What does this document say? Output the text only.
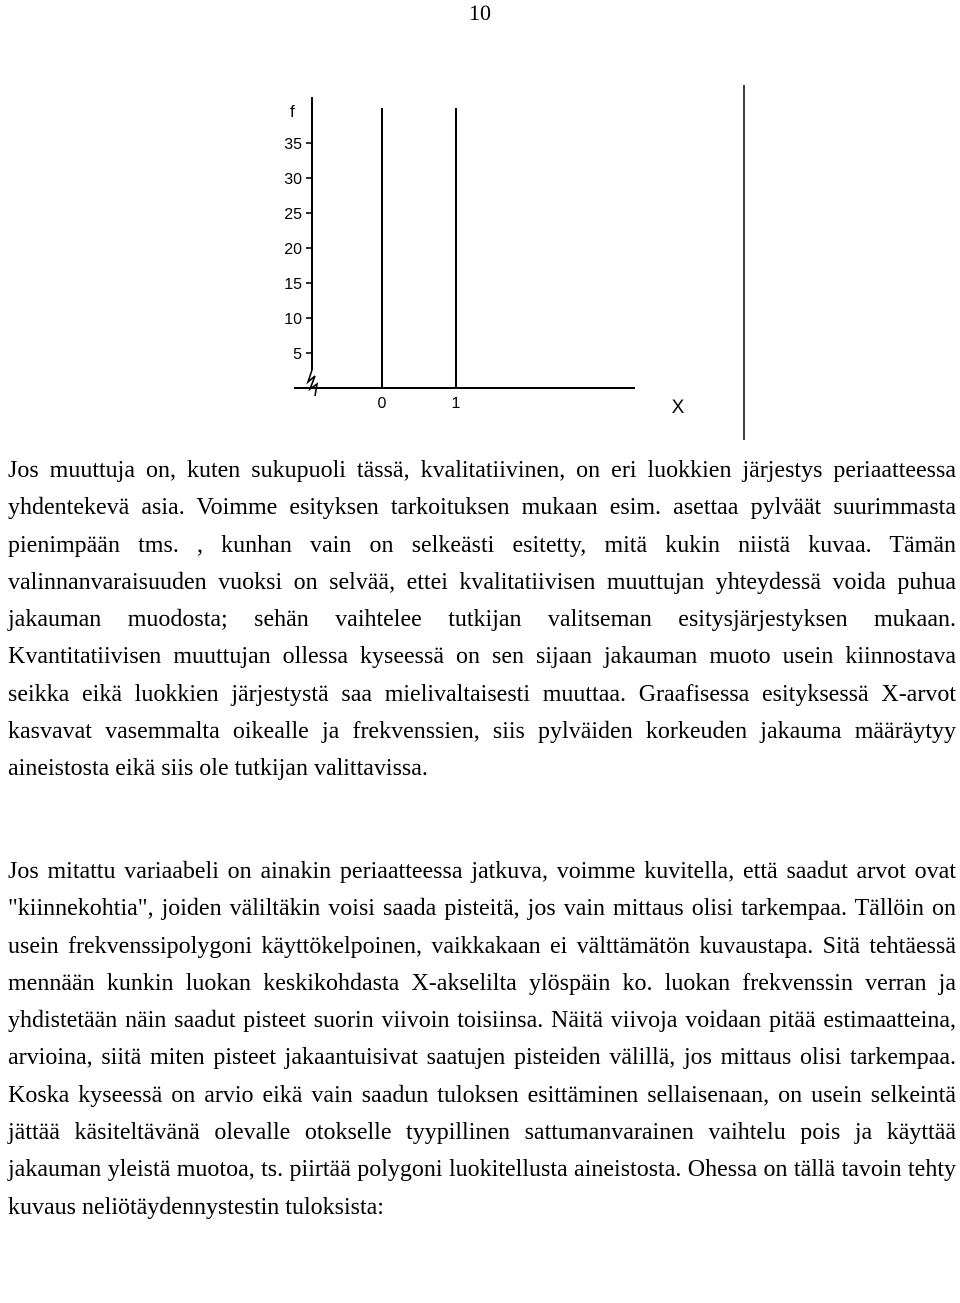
10
f
5
10
15
20
25
30
35
0	1	X

Jos muuttuja on, kuten sukupuoli tässä, kvalitatiivinen, on eri luokkien järjestys periaatteessa yhdentekevä asia. Voimme esityksen tarkoituksen mukaan esim. asettaa pylväät suurimmasta pienimpään tms. , kunhan vain on selkeästi esitetty, mitä kukin niistä kuvaa. Tämän valinnanvaraisuuden vuoksi on selvää, ettei kvalitatiivisen muuttujan yhteydessä voida puhua jakauman muodosta; sehän vaihtelee tutkijan valitseman esitysjärjestyksen mukaan. Kvantitatiivisen muuttujan ollessa kyseessä on sen sijaan jakauman muoto usein kiinnostava seikka eikä luokkien järjestystä saa mielivaltaisesti muuttaa. Graafisessa esityksessä X-arvot kasvavat vasemmalta oikealle ja frekvenssien, siis pylväiden korkeuden jakauma määräytyy aineistosta eikä siis ole tutkijan valittavissa.

Jos mitattu variaabeli on ainakin periaatteessa jatkuva, voimme kuvitella, että saadut arvot ovat "kiinnekohtia", joiden väliltäkin voisi saada pisteitä, jos vain mittaus olisi tarkempaa. Tällöin on usein frekvenssipolygoni käyttökelpoinen, vaikkakaan ei välttämätön kuvaustapa. Sitä tehtäessä mennään kunkin luokan keskikohdasta X-akselilta ylöspäin ko. luokan frekvenssin verran ja yhdistetään näin saadut pisteet suorin viivoin toisiinsa. Näitä viivoja voidaan pitää estimaatteina, arvioina, siitä miten pisteet jakaantuisivat saatujen pisteiden välillä, jos mittaus olisi tarkempaa. Koska kyseessä on arvio eikä vain saadun tuloksen esittäminen sellaisenaan, on usein selkeintä jättää käsiteltävänä olevalle otokselle tyypillinen sattumanvarainen vaihtelu pois ja käyttää jakauman yleistä muotoa, ts. piirtää polygoni luokitellusta aineistosta. Ohessa on tällä tavoin tehty kuvaus neliötäydennystestin tuloksista:
